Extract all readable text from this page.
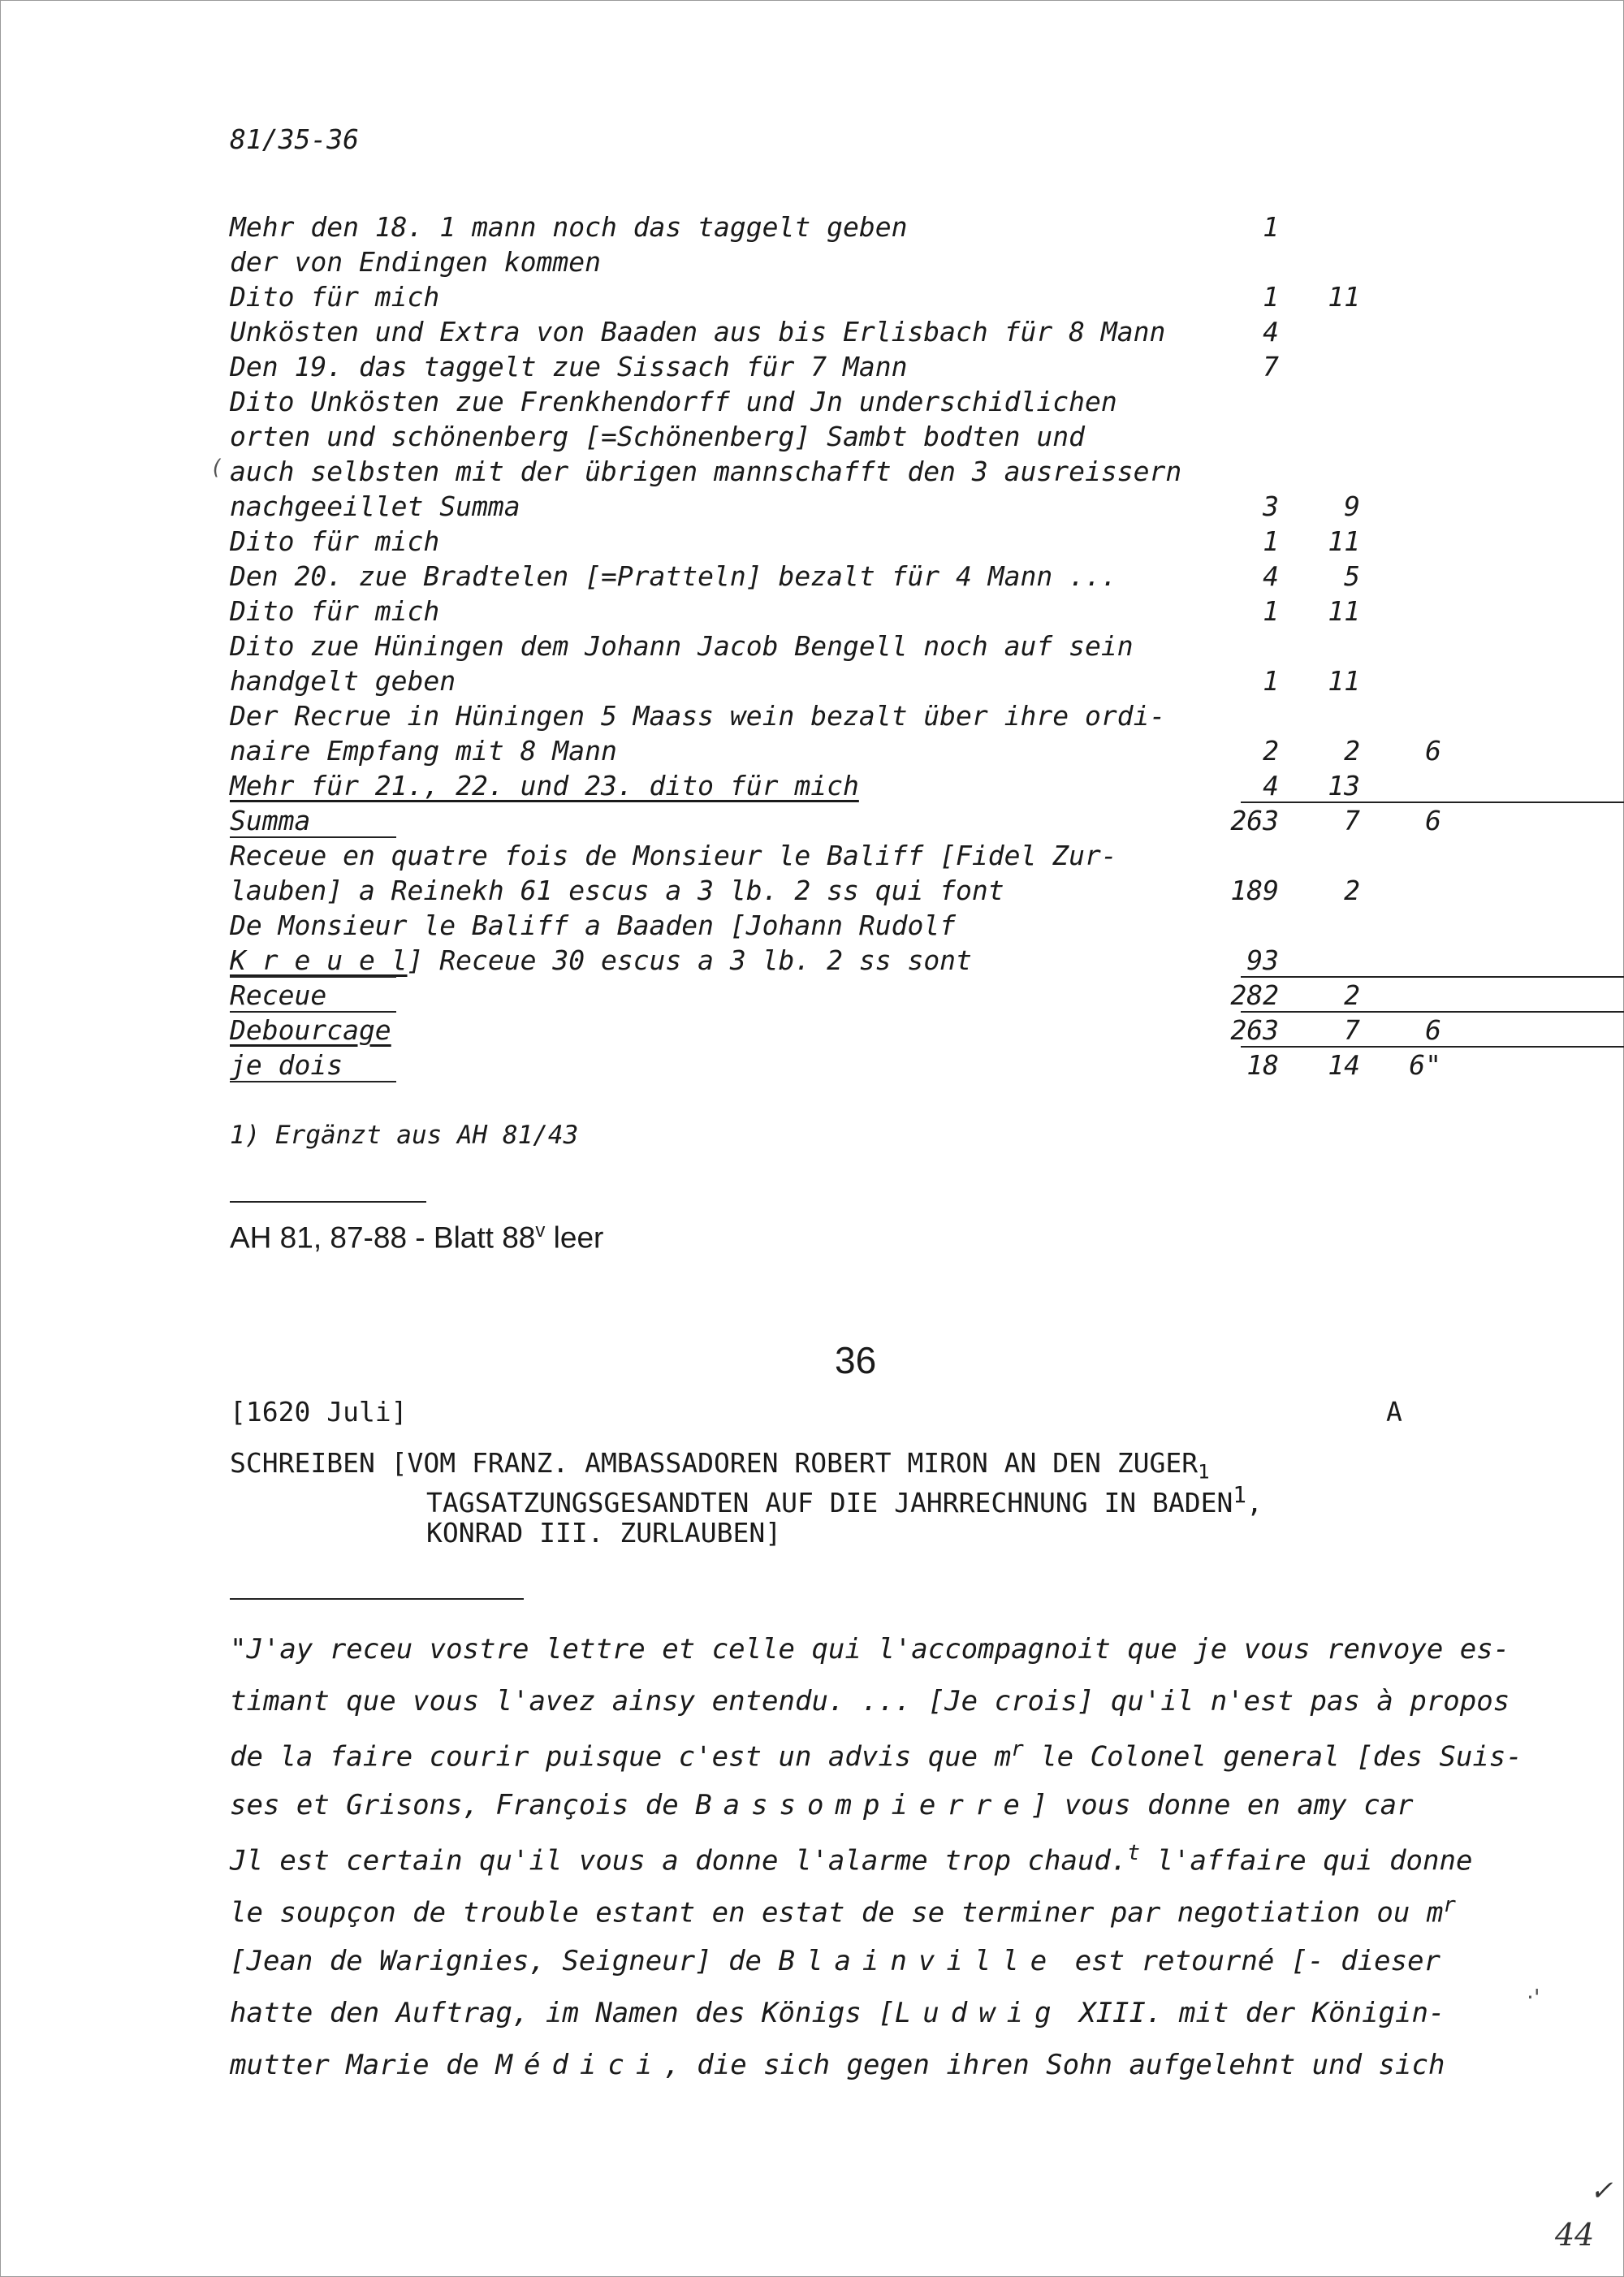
81/35-36
Mehr den 18. 1 mann noch das taggelt geben	1
der von Endingen kommen
Dito für mich	1	11
Unkösten und Extra von Baaden aus bis Erlisbach für 8 Mann	4
Den 19. das taggelt zue Sissach für 7 Mann	7
Dito Unkösten zue Frenkhendorff und Jn underschidlichen
orten und schönenberg [=Schönenberg] Sambt bodten und
( auch selbsten mit der übrigen mannschafft den 3 ausreissern
nachgeeillet Summa	3	9
Dito für mich	1	11
Den 20. zue Bradtelen [=Pratteln] bezalt für 4 Mann ...	4	5
Dito für mich	1	11
Dito zue Hüningen dem Johann Jacob Bengell noch auf sein
handgelt geben	1	11
Der Recrue in Hüningen 5 Maass wein bezalt über ihre ordi-
naire Empfang mit 8 Mann	2	2	6
Mehr für 21., 22. und 23. dito für mich	4	13
Summa	263	7	6
Receue en quatre fois de Monsieur le Baliff [Fidel Zur-
lauben] a Reinekh 61 escus a 3 lb. 2 ss qui font	189	2
De Monsieur le Baliff a Baaden [Johann Rudolf
K r e u e l] Receue 30 escus a 3 lb. 2 ss sont	93
Receue	282	2
Debourcage	263	7	6
je dois	18	14	6"
1) Ergänzt aus AH 81/43
AH 81, 87-88 - Blatt 88$^v$ leer
36
[1620 Juli]	A
SCHREIBEN [VOM FRANZ. AMBASSADOREN ROBERT MIRON AN DEN $ZUGER_1$
TAGSATZUNGSGESANDTEN AUF DIE JAHRRECHNUNG IN BADEN$^1$,
KONRAD III. ZURLAUBEN]
"J'ay receu vostre lettre et celle qui l'accompagnoit que je vous renvoye es-
timant que vous l'avez ainsy entendu. ... [Je crois] qu'il n'est pas à propos
de la faire courir puisque c'est un advis que $m^r$ le Colonel general [des Suis-
ses et Grisons, François de Bassompierre] vous donne en amy car
Jl est certain qu'il vous a donne l'alarme trop chaud.$^t$ l'affaire qui donne
le soupçon de trouble estant en estat de se terminer par negotiation ou $m^r$
[Jean de Warignies, Seigneur] de Blainville est retourné [- dieser
hatte den Auftrag, im Namen des Königs [Ludwig XIII. mit der Königin-
mutter Marie de Médici, die sich gegen ihren Sohn aufgelehnt und sich
·'
✓
44
